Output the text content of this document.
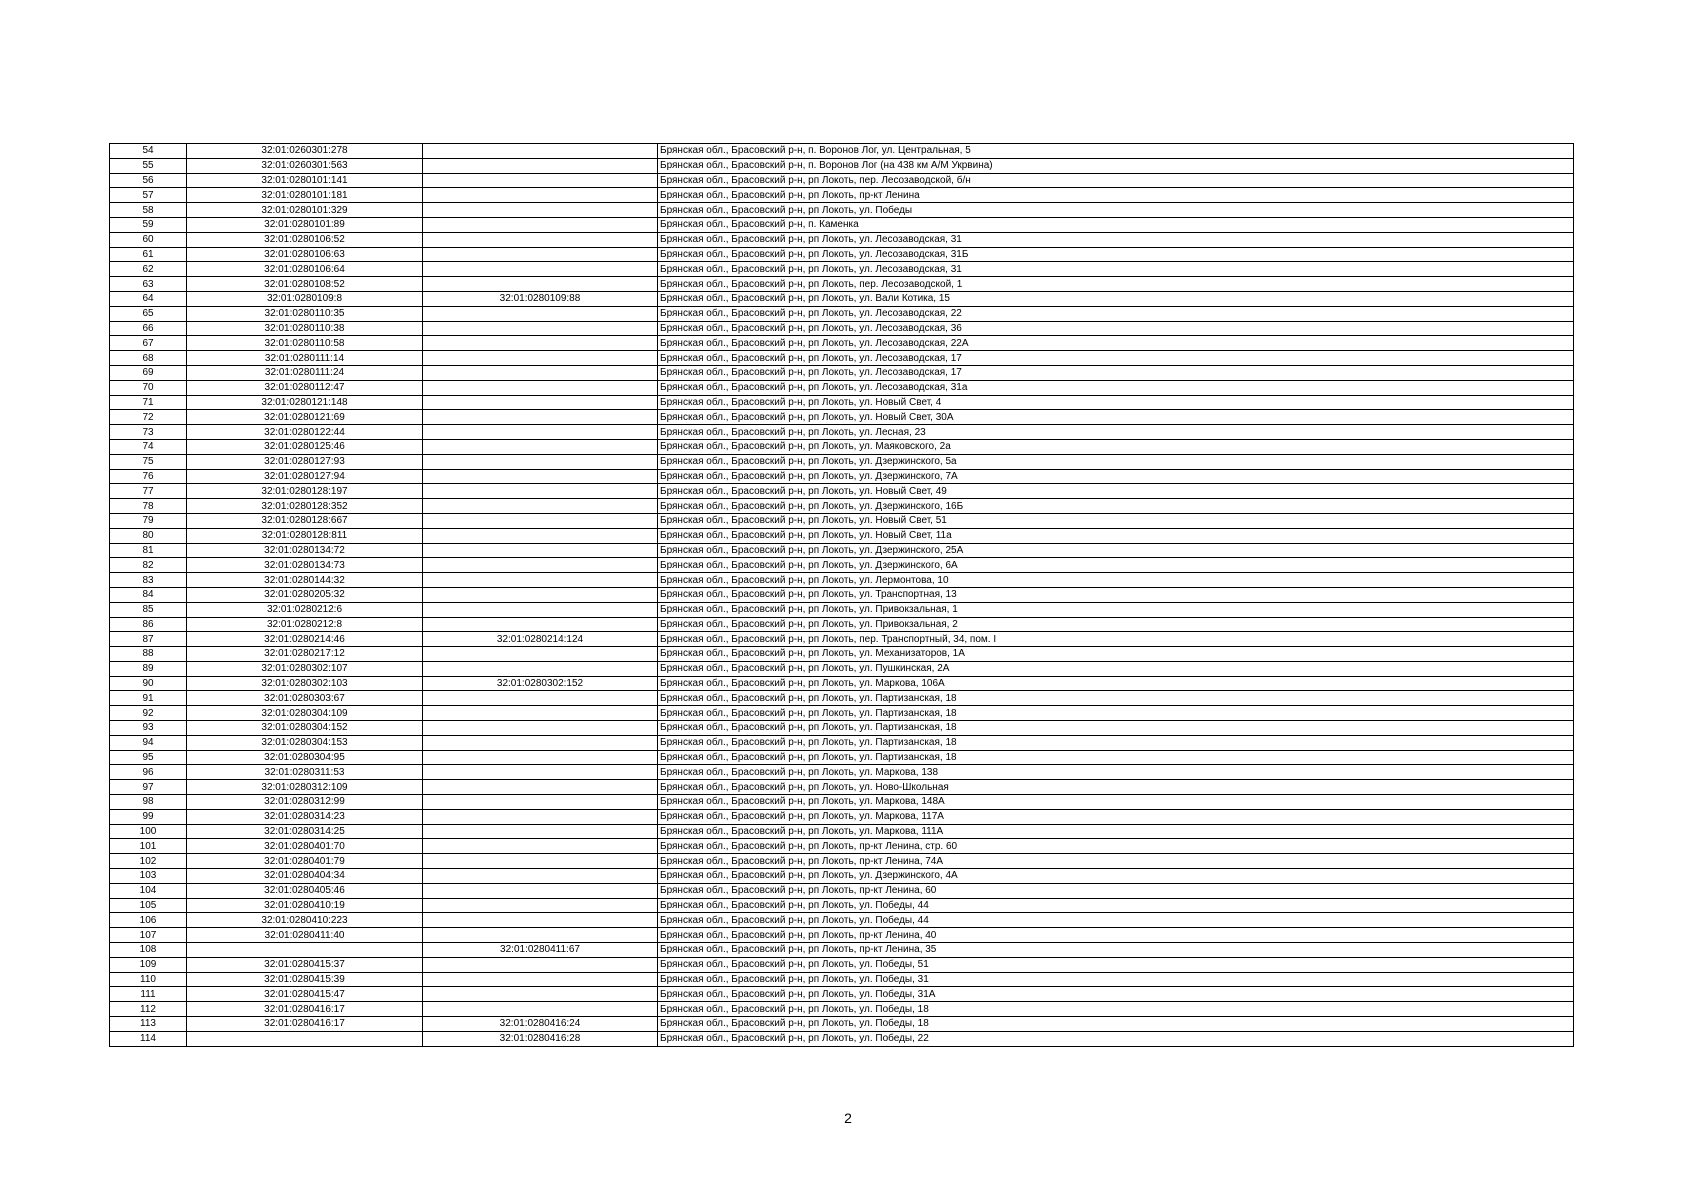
54	32:01:0260301:278		Брянская обл., Брасовский р-н, п. Воронов Лог, ул. Центральная, 5
55	32:01:0260301:563		Брянская обл., Брасовский р-н, п. Воронов Лог (на 438 км А/М Укрвина)
56	32:01:0280101:141		Брянская обл., Брасовский р-н, рп Локоть, пер. Лесозаводской, б/н
57	32:01:0280101:181		Брянская обл., Брасовский р-н, рп Локоть, пр-кт Ленина
58	32:01:0280101:329		Брянская обл., Брасовский р-н, рп Локоть, ул. Победы
59	32:01:0280101:89		Брянская обл., Брасовский р-н, п. Каменка
60	32:01:0280106:52		Брянская обл., Брасовский р-н, рп Локоть, ул. Лесозаводская, 31
61	32:01:0280106:63		Брянская обл., Брасовский р-н, рп Локоть, ул. Лесозаводская, 31Б
62	32:01:0280106:64		Брянская обл., Брасовский р-н, рп Локоть, ул. Лесозаводская, 31
63	32:01:0280108:52		Брянская обл., Брасовский р-н, рп Локоть, пер. Лесозаводской, 1
64	32:01:0280109:8	32:01:0280109:88	Брянская обл., Брасовский р-н, рп Локоть, ул. Вали Котика, 15
65	32:01:0280110:35		Брянская обл., Брасовский р-н, рп Локоть, ул. Лесозаводская, 22
66	32:01:0280110:38		Брянская обл., Брасовский р-н, рп Локоть, ул. Лесозаводская, 36
67	32:01:0280110:58		Брянская обл., Брасовский р-н, рп Локоть, ул. Лесозаводская, 22А
68	32:01:0280111:14		Брянская обл., Брасовский р-н, рп Локоть, ул. Лесозаводская, 17
69	32:01:0280111:24		Брянская обл., Брасовский р-н, рп Локоть, ул. Лесозаводская, 17
70	32:01:0280112:47		Брянская обл., Брасовский р-н, рп Локоть, ул. Лесозаводская, 31а
71	32:01:0280121:148		Брянская обл., Брасовский р-н, рп Локоть, ул. Новый Свет, 4
72	32:01:0280121:69		Брянская обл., Брасовский р-н, рп Локоть, ул. Новый Свет, 30А
73	32:01:0280122:44		Брянская обл., Брасовский р-н, рп Локоть, ул. Лесная, 23
74	32:01:0280125:46		Брянская обл., Брасовский р-н, рп Локоть, ул. Маяковского, 2а
75	32:01:0280127:93		Брянская обл., Брасовский р-н, рп Локоть, ул. Дзержинского, 5а
76	32:01:0280127:94		Брянская обл., Брасовский р-н, рп Локоть, ул. Дзержинского, 7А
77	32:01:0280128:197		Брянская обл., Брасовский р-н, рп Локоть, ул. Новый Свет, 49
78	32:01:0280128:352		Брянская обл., Брасовский р-н, рп Локоть, ул. Дзержинского, 16Б
79	32:01:0280128:667		Брянская обл., Брасовский р-н, рп Локоть, ул. Новый Свет, 51
80	32:01:0280128:811		Брянская обл., Брасовский р-н, рп Локоть, ул. Новый Свет, 11а
81	32:01:0280134:72		Брянская обл., Брасовский р-н, рп Локоть, ул. Дзержинского, 25А
82	32:01:0280134:73		Брянская обл., Брасовский р-н, рп Локоть, ул. Дзержинского, 6А
83	32:01:0280144:32		Брянская обл., Брасовский р-н, рп Локоть, ул. Лермонтова, 10
84	32:01:0280205:32		Брянская обл., Брасовский р-н, рп Локоть, ул. Транспортная, 13
85	32:01:0280212:6		Брянская обл., Брасовский р-н, рп Локоть, ул. Привокзальная, 1
86	32:01:0280212:8		Брянская обл., Брасовский р-н, рп Локоть, ул. Привокзальная, 2
87	32:01:0280214:46	32:01:0280214:124	Брянская обл., Брасовский р-н, рп Локоть, пер. Транспортный, 34, пом. I
88	32:01:0280217:12		Брянская обл., Брасовский р-н, рп Локоть, ул. Механизаторов, 1А
89	32:01:0280302:107		Брянская обл., Брасовский р-н, рп Локоть, ул. Пушкинская, 2А
90	32:01:0280302:103	32:01:0280302:152	Брянская обл., Брасовский р-н, рп Локоть, ул. Маркова, 106А
91	32:01:0280303:67		Брянская обл., Брасовский р-н, рп Локоть, ул. Партизанская, 18
92	32:01:0280304:109		Брянская обл., Брасовский р-н, рп Локоть, ул. Партизанская, 18
93	32:01:0280304:152		Брянская обл., Брасовский р-н, рп Локоть, ул. Партизанская, 18
94	32:01:0280304:153		Брянская обл., Брасовский р-н, рп Локоть, ул. Партизанская, 18
95	32:01:0280304:95		Брянская обл., Брасовский р-н, рп Локоть, ул. Партизанская, 18
96	32:01:0280311:53		Брянская обл., Брасовский р-н, рп Локоть, ул. Маркова, 138
97	32:01:0280312:109		Брянская обл., Брасовский р-н, рп Локоть, ул. Ново-Школьная
98	32:01:0280312:99		Брянская обл., Брасовский р-н, рп Локоть, ул. Маркова, 148А
99	32:01:0280314:23		Брянская обл., Брасовский р-н, рп Локоть, ул. Маркова, 117А
100	32:01:0280314:25		Брянская обл., Брасовский р-н, рп Локоть, ул. Маркова, 111А
101	32:01:0280401:70		Брянская обл., Брасовский р-н, рп Локоть, пр-кт Ленина, стр. 60
102	32:01:0280401:79		Брянская обл., Брасовский р-н, рп Локоть, пр-кт Ленина, 74А
103	32:01:0280404:34		Брянская обл., Брасовский р-н, рп Локоть, ул. Дзержинского, 4А
104	32:01:0280405:46		Брянская обл., Брасовский р-н, рп Локоть, пр-кт Ленина, 60
105	32:01:0280410:19		Брянская обл., Брасовский р-н, рп Локоть, ул. Победы, 44
106	32:01:0280410:223		Брянская обл., Брасовский р-н, рп Локоть, ул. Победы, 44
107	32:01:0280411:40		Брянская обл., Брасовский р-н, рп Локоть, пр-кт Ленина, 40
108		32:01:0280411:67	Брянская обл., Брасовский р-н, рп Локоть, пр-кт Ленина, 35
109	32:01:0280415:37		Брянская обл., Брасовский р-н, рп Локоть, ул. Победы, 51
110	32:01:0280415:39		Брянская обл., Брасовский р-н, рп Локоть, ул. Победы, 31
111	32:01:0280415:47		Брянская обл., Брасовский р-н, рп Локоть, ул. Победы, 31А
112	32:01:0280416:17		Брянская обл., Брасовский р-н, рп Локоть, ул. Победы, 18
113	32:01:0280416:17	32:01:0280416:24	Брянская обл., Брасовский р-н, рп Локоть, ул. Победы, 18
114		32:01:0280416:28	Брянская обл., Брасовский р-н, рп Локоть, ул. Победы, 22
2
